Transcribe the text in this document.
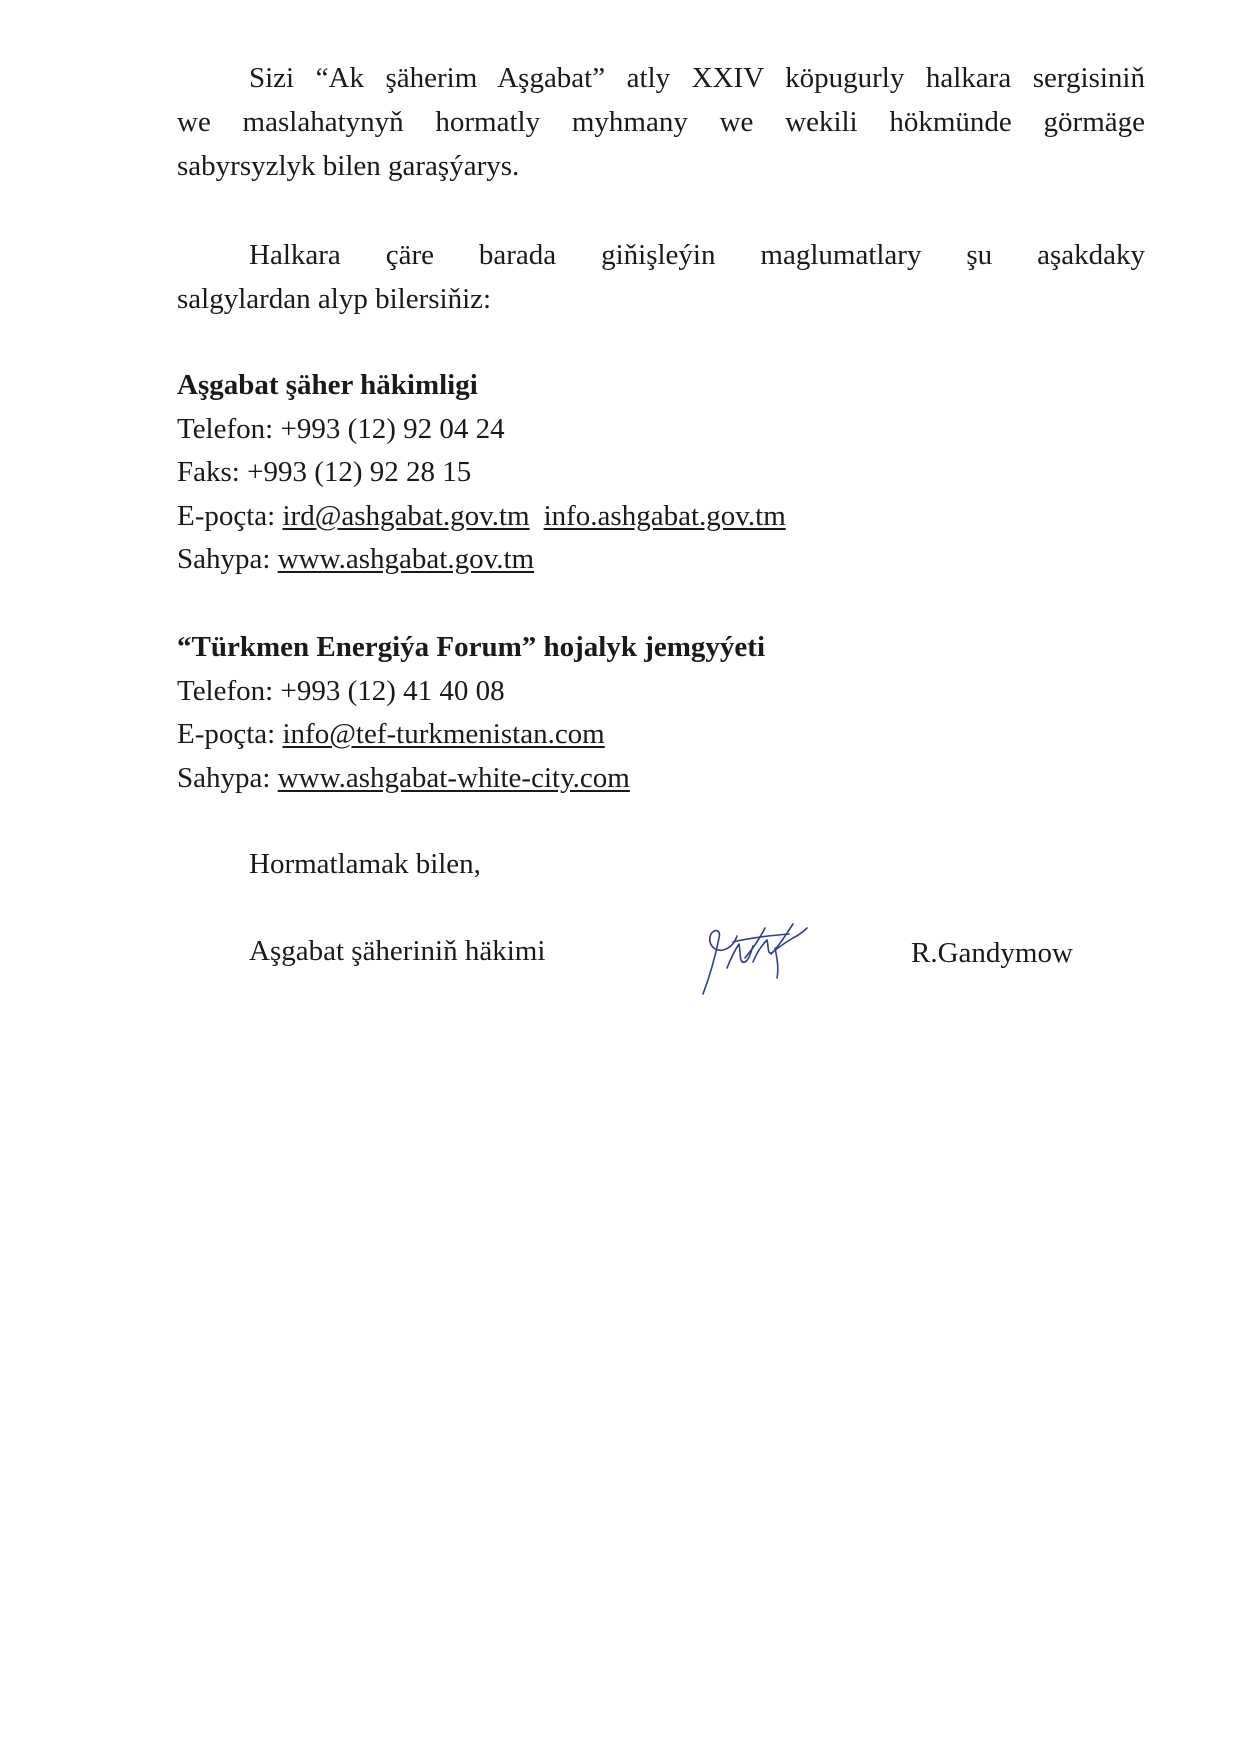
Sizi “Ak şäherim Aşgabat” atly XXIV köpugurly halkara sergisiniň
we maslahatynyň hormatly myhmany we wekili hökmünde görmäge
sabyrsyzlyk bilen garaşýarys.

Halkara çäre barada giňişleýin maglumatlary şu aşakdaky
salgylardan alyp bilersiňiz:

Aşgabat şäher häkimligi
Telefon: +993 (12) 92 04 24
Faks: +993 (12) 92 28 15
E-poçta: ird@ashgabat.gov.tm info.ashgabat.gov.tm
Sahypa: www.ashgabat.gov.tm
“Türkmen Energiýa Forum” hojalyk jemgyýeti
Telefon: +993 (12) 41 40 08
E-poçta: info@tef-turkmenistan.com
Sahypa: www.ashgabat-white-city.com

Hormatlamak bilen,

Aşgabat şäheriniň häkimi	R.Gandymow
